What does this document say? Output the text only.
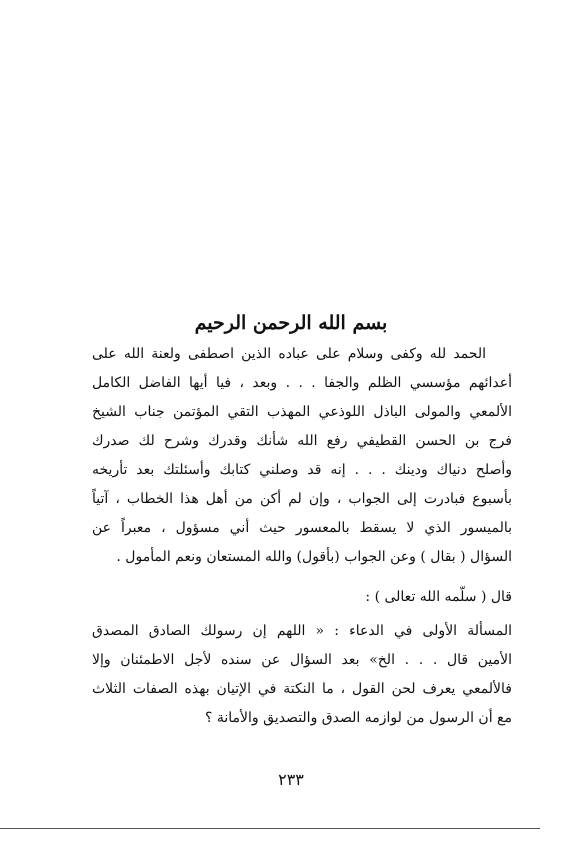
بسم الله الرحمن الرحيم
الحمد لله وكفى وسلام على عباده الذين اصطفى ولعنة الله على
أعدائهم مؤسسي الظلم والجفا . . . وبعد ، فيا أيها الفاضل الكامل
الألمعي والمولى الباذل اللوذعي المهذب التقي المؤتمن جناب الشيخ
فرج بن الحسن القطيفي رفع الله شأنك وقدرك وشرح لك صدرك
وأصلح دنياك ودينك . . . إنه قد وصلني كتابك وأسئلتك بعد تأريخه
بأسبوع فبادرت إلى الجواب ، وإن لم أكن من أهل هذا الخطاب ، آتياً
بالميسور الذي لا يسقط بالمعسور حيث أني مسؤول ، معبراً عن
السؤال ( بقال ) وعن الجواب (بأقول) والله المستعان ونعم المأمول .
قال ( سلّمه الله تعالى ) :
المسألة الأولى في الدعاء : « اللهم إن رسولك الصادق المصدق
الأمين قال . . . الخ» بعد السؤال عن سنده لأجل الاطمئنان وإلا
فالألمعي يعرف لحن القول ، ما النكتة في الإتيان بهذه الصفات الثلاث
مع أن الرسول من لوازمه الصدق والتصديق والأمانة ؟
٢٣٣
